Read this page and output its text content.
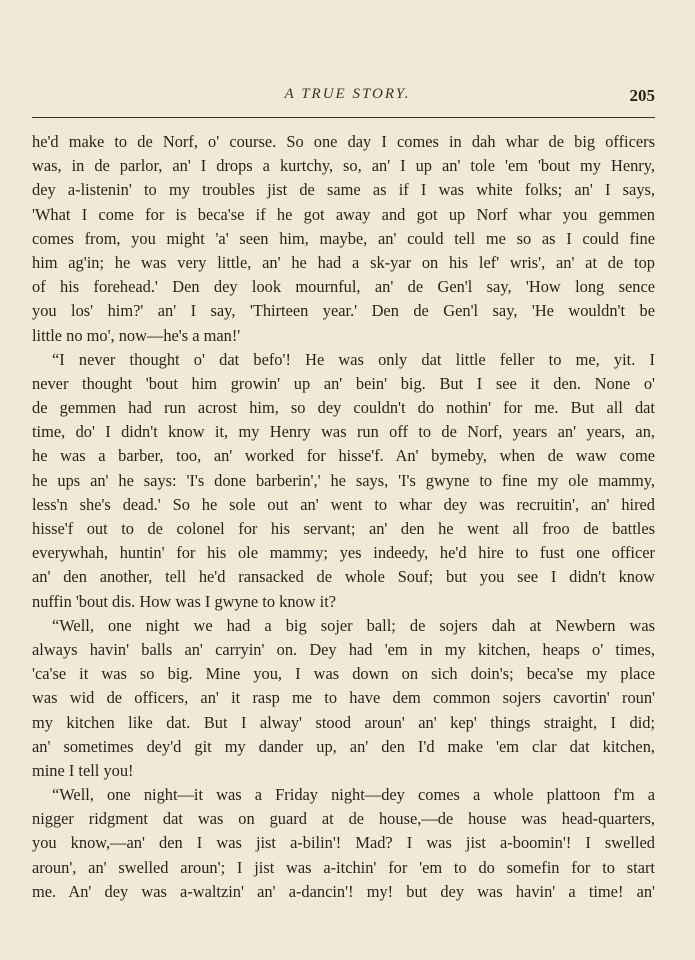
A TRUE STORY.	205
he'd make to de Norf, o' course. So one day I comes in dah whar de big officers
was, in de parlor, an' I drops a kurtchy, so, an' I up an' tole 'em 'bout my Henry,
dey a-listenin' to my troubles jist de same as if I was white folks; an' I says,
'What I come for is beca'se if he got away and got up Norf whar you gemmen
comes from, you might 'a' seen him, maybe, an' could tell me so as I could fine
him ag'in; he was very little, an' he had a sk-yar on his lef' wris', an' at de top
of his forehead.' Den dey look mournful, an' de Gen'l say, 'How long sence
you los' him?' an' I say, 'Thirteen year.' Den de Gen'l say, 'He wouldn't be
little no mo', now—he's a man!'
“I never thought o' dat befo'! He was only dat little feller to me, yit. I
never thought 'bout him growin' up an' bein' big. But I see it den. None o'
de gemmen had run acrost him, so dey couldn't do nothin' for me. But all dat
time, do' I didn't know it, my Henry was run off to de Norf, years an' years, an,
he was a barber, too, an' worked for hisse'f. An' bymeby, when de waw come
he ups an' he says: 'I's done barberin',' he says, 'I's gwyne to fine my ole mammy,
less'n she's dead.' So he sole out an' went to whar dey was recruitin', an' hired
hisse'f out to de colonel for his servant; an' den he went all froo de battles
everywhah, huntin' for his ole mammy; yes indeedy, he'd hire to fust one officer
an' den another, tell he'd ransacked de whole Souf; but you see I didn't know
nuffin 'bout dis. How was I gwyne to know it?
“Well, one night we had a big sojer ball; de sojers dah at Newbern was
always havin' balls an' carryin' on. Dey had 'em in my kitchen, heaps o' times,
'ca'se it was so big. Mine you, I was down on sich doin's; beca'se my place
was wid de officers, an' it rasp me to have dem common sojers cavortin' roun'
my kitchen like dat. But I alway' stood aroun' an' kep' things straight, I did;
an' sometimes dey'd git my dander up, an' den I'd make 'em clar dat kitchen,
mine I tell you!
“Well, one night—it was a Friday night—dey comes a whole plattoon f'm a
nigger ridgment dat was on guard at de house,—de house was head-quarters,
you know,—an' den I was jist a-bilin'! Mad? I was jist a-boomin'! I swelled
aroun', an' swelled aroun'; I jist was a-itchin' for 'em to do somefin for to start
me. An' dey was a-waltzin' an' a-dancin'! my! but dey was havin' a time! an'
